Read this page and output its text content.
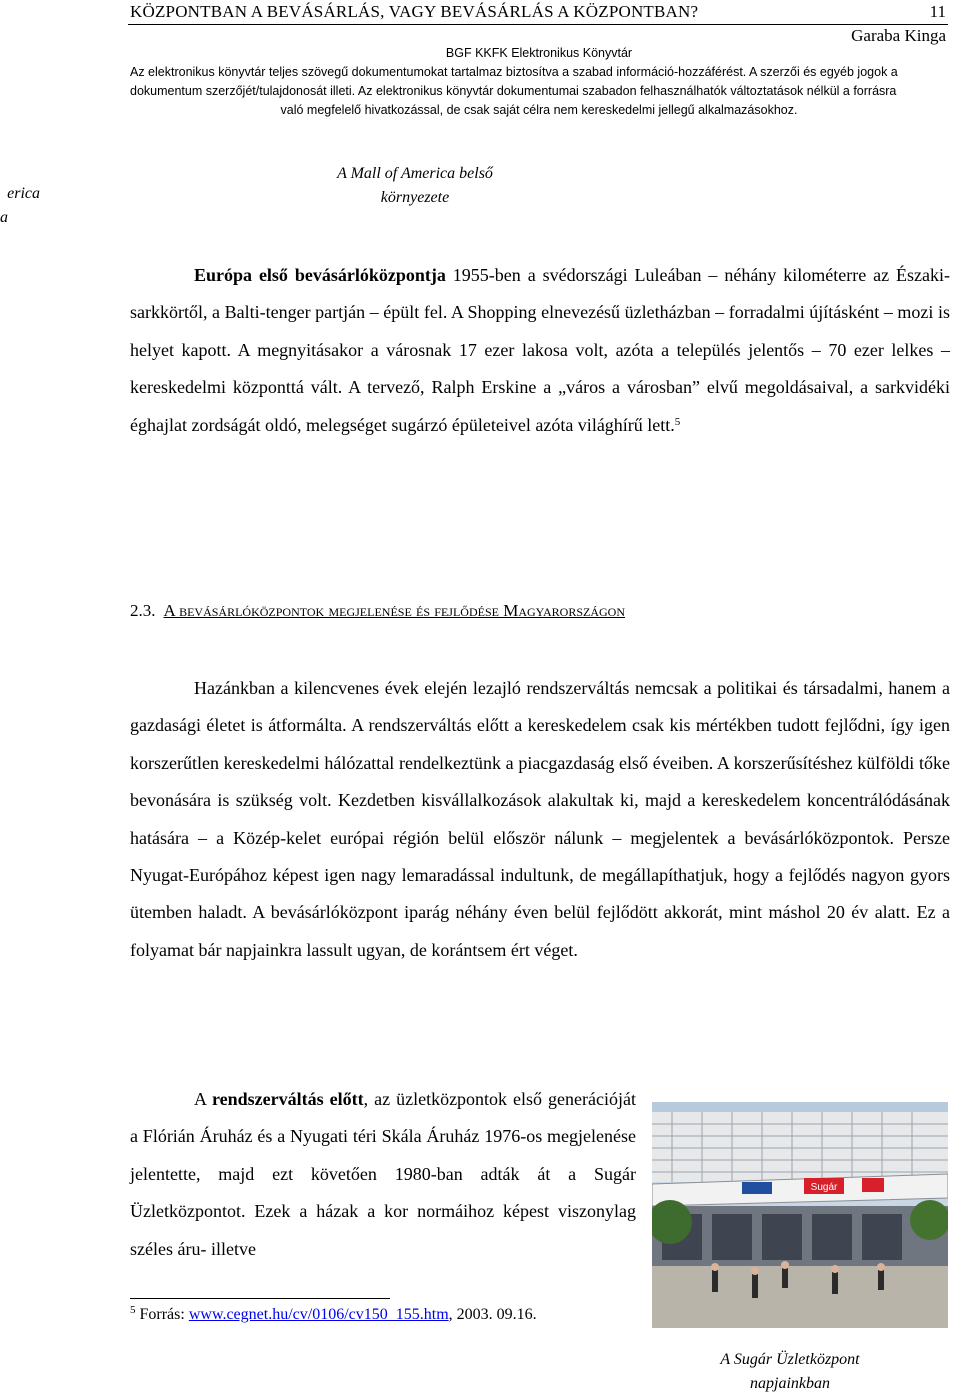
KÖZPONTBAN A BEVÁSÁRLÁS, VAGY BEVÁSÁRLÁS A KÖZPONTBAN?	11
Garaba Kinga
BGF KKFK Elektronikus Könyvtár
Az elektronikus könyvtár teljes szövegű dokumentumokat tartalmaz biztosítva a szabad információ-hozzáférést. A szerzői és egyéb jogok a
dokumentum szerzőjét/tulajdonosát illeti. Az elektronikus könyvtár dokumentumai szabadon felhasználhatók változtatások nélkül a forrásra
való megfelelő hivatkozással, de csak saját célra nem kereskedelmi jellegű alkalmazásokhoz.
erica
a
A Mall of America belső
környezete

Európa első bevásárlóközpontja 1955-ben a svédországi Luleában – néhány kilométerre az Északi-sarkkörtől, a Balti-tenger partján – épült fel. A Shopping elnevezésű üzletházban – forradalmi újításként – mozi is helyet kapott. A megnyitásakor a városnak 17 ezer lakosa volt, azóta a település jelentős – 70 ezer lelkes – kereskedelmi központtá vált. A tervező, Ralph Erskine a „város a városban” elvű megoldásaival, a sarkvidéki éghajlat zordságát oldó, melegséget sugárzó épületeivel azóta világhírű lett.$^5$

2.3. A bevásárlóközpontok megjelenése és fejlődése Magyarországon

Hazánkban a kilencvenes évek elején lezajló rendszerváltás nemcsak a politikai és társadalmi, hanem a gazdasági életet is átformálta. A rendszerváltás előtt a kereskedelem csak kis mértékben tudott fejlődni, így igen korszerűtlen kereskedelmi hálózattal rendelkeztünk a piacgazdaság első éveiben. A korszerűsítéshez külföldi tőke bevonására is szükség volt. Kezdetben kisvállalkozások alakultak ki, majd a kereskedelem koncentrálódásának hatására – a Közép-kelet európai régión belül először nálunk – megjelentek a bevásárlóközpontok. Persze Nyugat-Európához képest igen nagy lemaradással indultunk, de megállapíthatjuk, hogy a fejlődés nagyon gyors ütemben haladt. A bevásárlóközpont iparág néhány éven belül fejlődött akkorát, mint máshol 20 év alatt. Ez a folyamat bár napjainkra lassult ugyan, de korántsem ért véget.

A rendszerváltás előtt, az üzletközpontok első generációját a Flórián Áruház és a Nyugati téri Skála Áruház 1976-os megjelenése jelentette, majd ezt követően 1980-ban adták át a Sugár Üzletközpontot. Ezek a házak a kor normáihoz képest viszonylag széles áru- illetve

Sugár
$^5$ Forrás: www.cegnet.hu/cv/0106/cv150_155.htm, 2003. 09.16.
A Sugár Üzletközpont
napjainkban
